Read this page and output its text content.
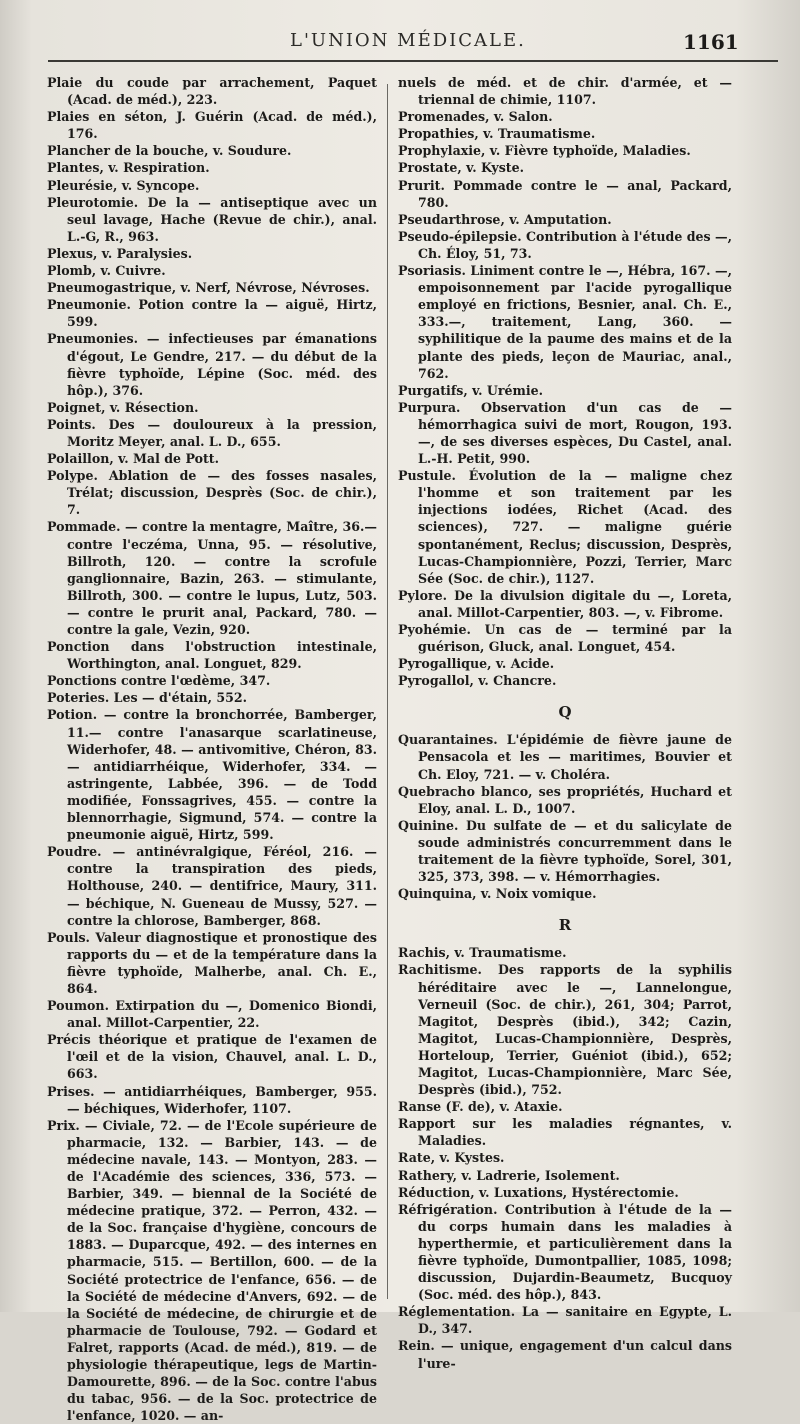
L'UNION MÉDICALE.	1161

Plaie du coude par arrachement, Paquet (Acad. de méd.), 223.

Plaies en séton, J. Guérin (Acad. de méd.), 176.

Plancher de la bouche, v. Soudure.

Plantes, v. Respiration.

Pleurésie, v. Syncope.

Pleurotomie. De la — antiseptique avec un seul lavage, Hache (Revue de chir.), anal. L.-G, R., 963.

Plexus, v. Paralysies.

Plomb, v. Cuivre.

Pneumogastrique, v. Nerf, Névrose, Névroses.

Pneumonie. Potion contre la — aiguë, Hirtz, 599.

Pneumonies. — infectieuses par émanations d'égout, Le Gendre, 217. — du début de la fièvre typhoïde, Lépine (Soc. méd. des hôp.), 376.

Poignet, v. Résection.

Points. Des — douloureux à la pression, Moritz Meyer, anal. L. D., 655.

Polaillon, v. Mal de Pott.

Polype. Ablation de — des fosses nasales, Trélat; discussion, Desprès (Soc. de chir.), 7.

Pommade. — contre la mentagre, Maître, 36.— contre l'eczéma, Unna, 95. — résolutive, Billroth, 120. — contre la scrofule ganglionnaire, Bazin, 263. — stimulante, Billroth, 300. — contre le lupus, Lutz, 503. — contre le prurit anal, Packard, 780. — contre la gale, Vezin, 920.

Ponction dans l'obstruction intestinale, Worthington, anal. Longuet, 829.

Ponctions contre l'œdème, 347.

Poteries. Les — d'étain, 552.

Potion. — contre la bronchorrée, Bamberger, 11.— contre l'anasarque scarlatineuse, Widerhofer, 48. — antivomitive, Chéron, 83. — antidiarrhéique, Widerhofer, 334. — astringente, Labbée, 396. — de Todd modifiée, Fonssagrives, 455. — contre la blennorrhagie, Sigmund, 574. — contre la pneumonie aiguë, Hirtz, 599.

Poudre. — antinévralgique, Féréol, 216. — contre la transpiration des pieds, Holthouse, 240. — dentifrice, Maury, 311. — béchique, N. Gueneau de Mussy, 527. — contre la chlorose, Bamberger, 868.

Pouls. Valeur diagnostique et pronostique des rapports du — et de la température dans la fièvre typhoïde, Malherbe, anal. Ch. E., 864.

Poumon. Extirpation du —, Domenico Biondi, anal. Millot-Carpentier, 22.

Précis théorique et pratique de l'examen de l'œil et de la vision, Chauvel, anal. L. D., 663.

Prises. — antidiarrhéiques, Bamberger, 955. — béchiques, Widerhofer, 1107.

Prix. — Civiale, 72. — de l'Ecole supérieure de pharmacie, 132. — Barbier, 143. — de médecine navale, 143. — Montyon, 283. — de l'Académie des sciences, 336, 573. — Barbier, 349. — biennal de la Société de médecine pratique, 372. — Perron, 432. — de la Soc. française d'hygiène, concours de 1883. — Duparcque, 492. — des internes en pharmacie, 515. — Bertillon, 600. — de la Société protectrice de l'enfance, 656. — de la Société de médecine d'Anvers, 692. — de la Société de médecine, de chirurgie et de pharmacie de Toulouse, 792. — Godard et Falret, rapports (Acad. de méd.), 819. — de physiologie thérapeutique, legs de Martin-Damourette, 896. — de la Soc. contre l'abus du tabac, 956. — de la Soc. protectrice de l'enfance, 1020. — an-

nuels de méd. et de chir. d'armée, et — triennal de chimie, 1107.

Promenades, v. Salon.

Propathies, v. Traumatisme.

Prophylaxie, v. Fièvre typhoïde, Maladies.

Prostate, v. Kyste.

Prurit. Pommade contre le — anal, Packard, 780.

Pseudarthrose, v. Amputation.

Pseudo-épilepsie. Contribution à l'étude des —, Ch. Éloy, 51, 73.

Psoriasis. Liniment contre le —, Hébra, 167. —, empoisonnement par l'acide pyrogallique employé en frictions, Besnier, anal. Ch. E., 333.—, traitement, Lang, 360. — syphilitique de la paume des mains et de la plante des pieds, leçon de Mauriac, anal., 762.

Purgatifs, v. Urémie.

Purpura. Observation d'un cas de — hémorrhagica suivi de mort, Rougon, 193. —, de ses diverses espèces, Du Castel, anal. L.-H. Petit, 990.

Pustule. Évolution de la — maligne chez l'homme et son traitement par les injections iodées, Richet (Acad. des sciences), 727. — maligne guérie spontanément, Reclus; discussion, Desprès, Lucas-Championnière, Pozzi, Terrier, Marc Sée (Soc. de chir.), 1127.

Pylore. De la divulsion digitale du —, Loreta, anal. Millot-Carpentier, 803. —, v. Fibrome.

Pyohémie. Un cas de — terminé par la guérison, Gluck, anal. Longuet, 454.

Pyrogallique, v. Acide.

Pyrogallol, v. Chancre.

Q

Quarantaines. L'épidémie de fièvre jaune de Pensacola et les — maritimes, Bouvier et Ch. Eloy, 721. — v. Choléra.

Quebracho blanco, ses propriétés, Huchard et Eloy, anal. L. D., 1007.

Quinine. Du sulfate de — et du salicylate de soude administrés concurremment dans le traitement de la fièvre typhoïde, Sorel, 301, 325, 373, 398. — v. Hémorrhagies.

Quinquina, v. Noix vomique.

R

Rachis, v. Traumatisme.

Rachitisme. Des rapports de la syphilis héréditaire avec le —, Lannelongue, Verneuil (Soc. de chir.), 261, 304; Parrot, Magitot, Desprès (ibid.), 342; Cazin, Magitot, Lucas-Championnière, Desprès, Horteloup, Terrier, Guéniot (ibid.), 652; Magitot, Lucas-Championnière, Marc Sée, Desprès (ibid.), 752.

Ranse (F. de), v. Ataxie.

Rapport sur les maladies régnantes, v. Maladies.

Rate, v. Kystes.

Rathery, v. Ladrerie, Isolement.

Réduction, v. Luxations, Hystérectomie.

Réfrigération. Contribution à l'étude de la — du corps humain dans les maladies à hyperthermie, et particulièrement dans la fièvre typhoïde, Dumontpallier, 1085, 1098; discussion, Dujardin-Beaumetz, Bucquoy (Soc. méd. des hôp.), 843.

Réglementation. La — sanitaire en Egypte, L. D., 347.

Rein. — unique, engagement d'un calcul dans l'ure-
